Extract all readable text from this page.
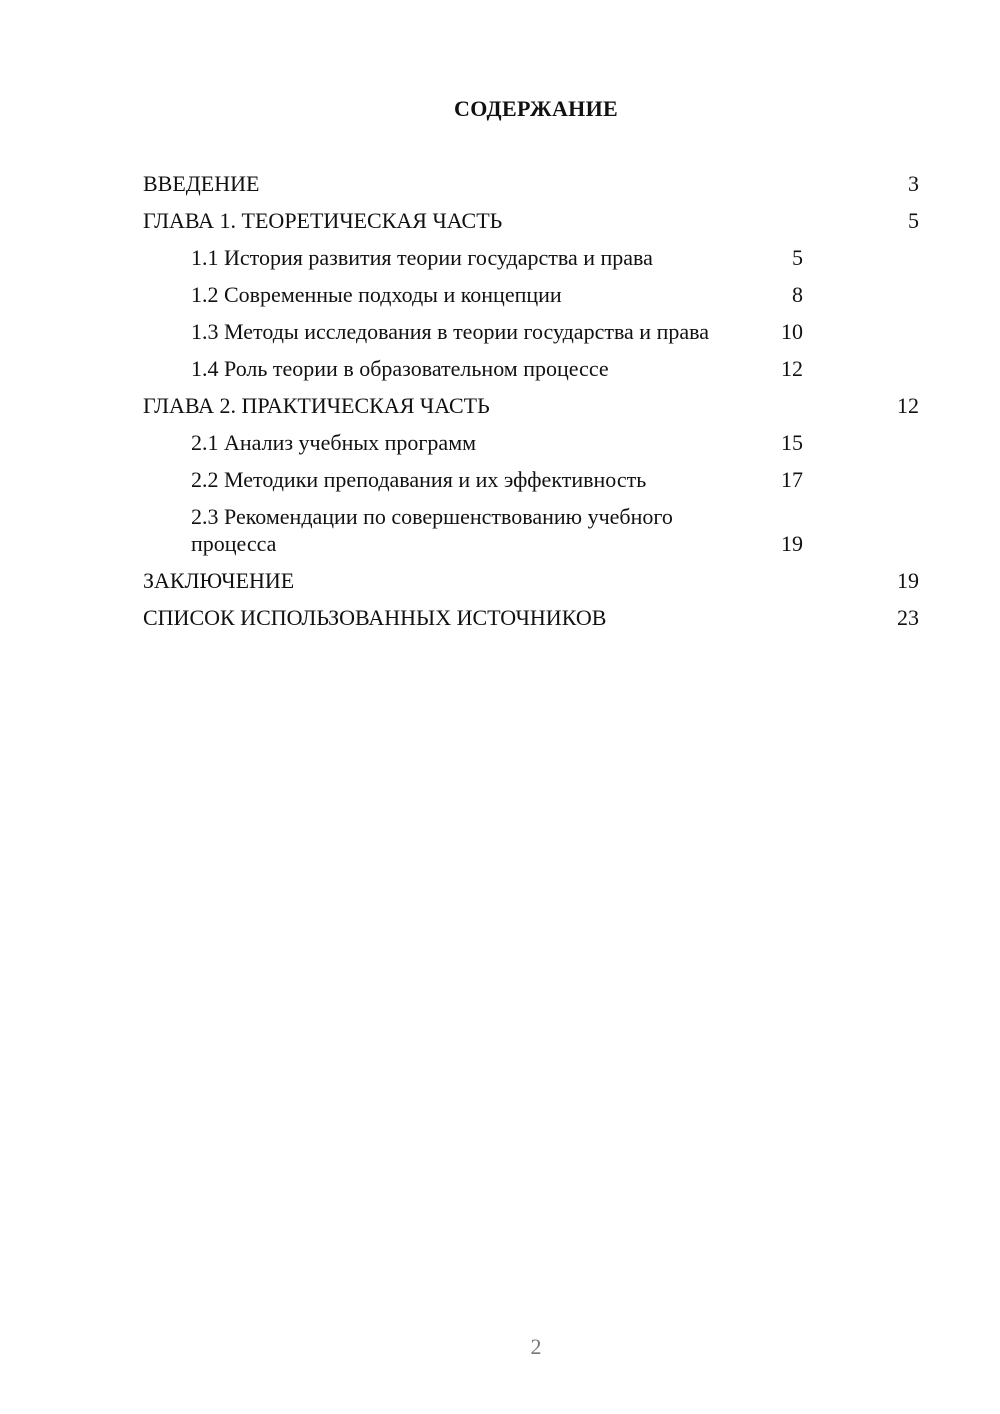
СОДЕРЖАНИЕ
ВВЕДЕНИЕ	3
ГЛАВА 1. ТЕОРЕТИЧЕСКАЯ ЧАСТЬ	5
1.1 История развития теории государства и права	5
1.2 Современные подходы и концепции	8
1.3 Методы исследования в теории государства и права	10
1.4 Роль теории в образовательном процессе	12
ГЛАВА 2. ПРАКТИЧЕСКАЯ ЧАСТЬ	12
2.1 Анализ учебных программ	15
2.2 Методики преподавания и их эффективность	17
2.3 Рекомендации по совершенствованию учебного процесса	19
ЗАКЛЮЧЕНИЕ	19
СПИСОК ИСПОЛЬЗОВАННЫХ ИСТОЧНИКОВ	23
2
